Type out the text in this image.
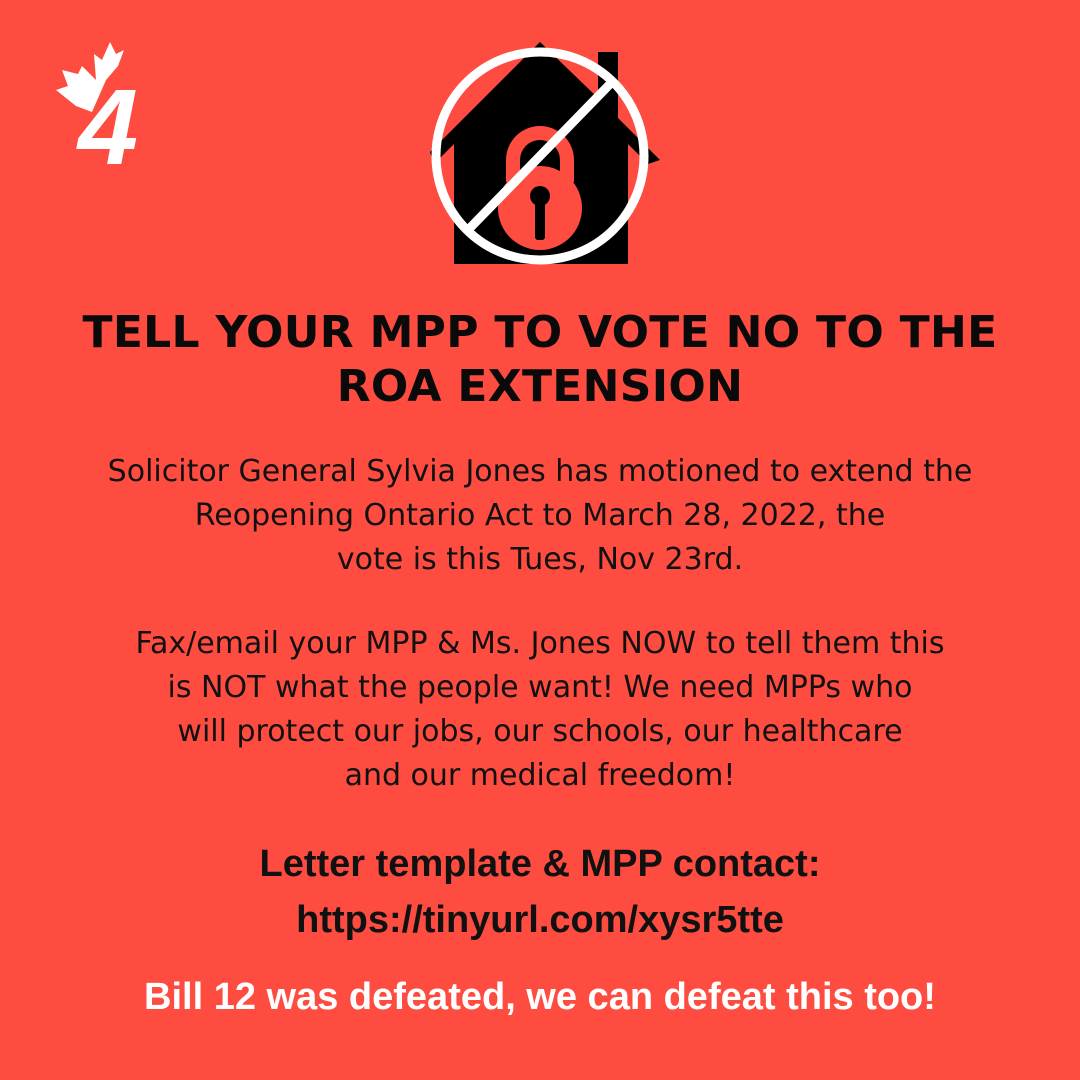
4
TELL YOUR MPP TO VOTE NO TO THE
ROA EXTENSION

Solicitor General Sylvia Jones has motioned to extend the
Reopening Ontario Act to March 28, 2022, the
vote is this Tues, Nov 23rd.

Fax/email your MPP & Ms. Jones NOW to tell them this
is NOT what the people want! We need MPPs who
will protect our jobs, our schools, our healthcare
and our medical freedom!

Letter template & MPP contact:
https://tinyurl.com/xysr5tte
Bill 12 was defeated, we can defeat this too!
